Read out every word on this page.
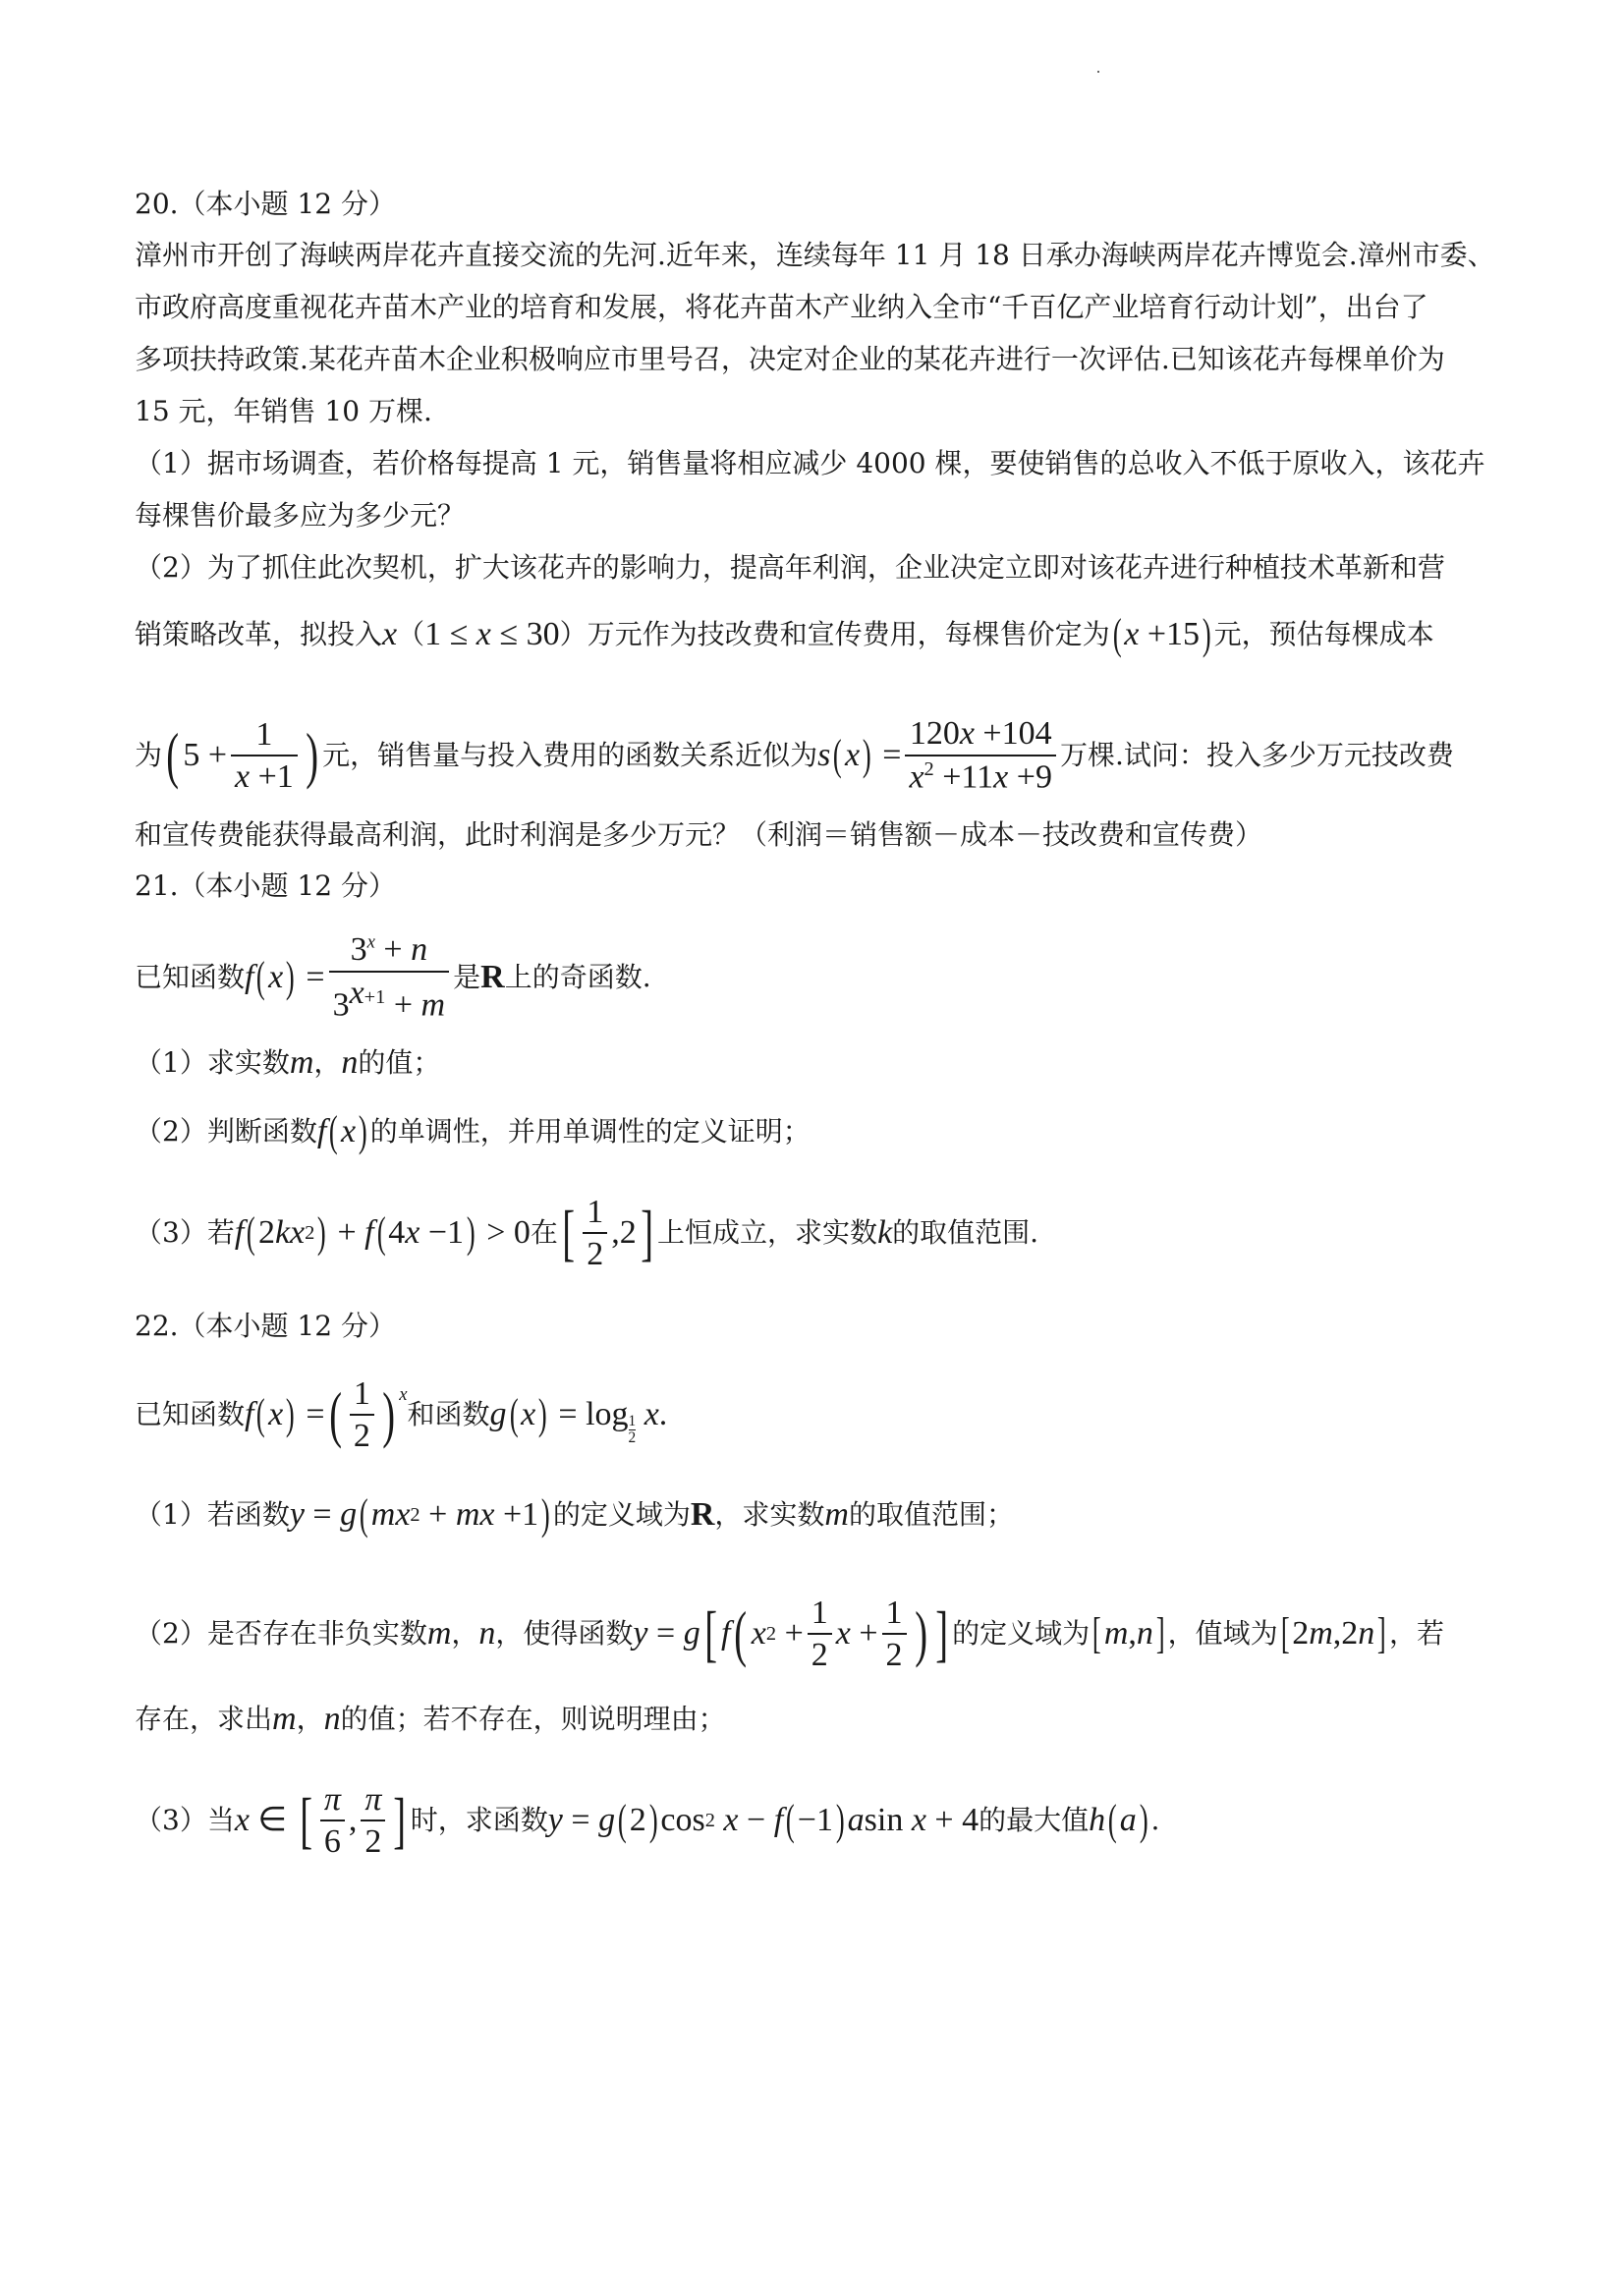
20.（本小题 12 分）
漳州市开创了海峡两岸花卉直接交流的先河.近年来，连续每年 11 月 18 日承办海峡两岸花卉博览会.漳州市委、
市政府高度重视花卉苗木产业的培育和发展，将花卉苗木产业纳入全市“千百亿产业培育行动计划”，出台了
多项扶持政策.某花卉苗木企业积极响应市里号召，决定对企业的某花卉进行一次评估.已知该花卉每棵单价为
15 元，年销售 10 万棵.
（1）据市场调查，若价格每提高 1 元，销售量将相应减少 4000 棵，要使销售的总收入不低于原收入，该花卉
每棵售价最多应为多少元？
（2）为了抓住此次契机，扩大该花卉的影响力，提高年利润，企业决定立即对该花卉进行种植技术革新和营
销策略改革，拟投入 x （ 1 ≤ x ≤ 30 ）万元作为技改费和宣传费用，每棵售价定为 ( x +15 ) 元，预估每棵成本
为 ( $5 + \frac{1}{x +1}$ ) 元，销售量与投入费用的函数关系近似为 s ( x ) = $\frac{120x +104}{x^2 +11x +9}$ 万棵.试问：投入多少万元技改费
和宣传费能获得最高利润，此时利润是多少万元？（利润＝销售额－成本－技改费和宣传费）
21.（本小题 12 分）
已知函数 f ( x ) = $\frac{3^x + n}{3^{x+1} + m}$ 是 R 上的奇函数.
（1）求实数 m ， n 的值；
（2）判断函数 f ( x ) 的单调性，并用单调性的定义证明；
（3）若 f ( 2 kx 2 ) + f ( 4 x −1 ) > 0 在 [ $\frac{1}{2} ,2$ ] 上恒成立，求实数 k 的取值范围.
22.（本小题 12 分）
已知函数 f ( x ) = ( $\frac{1}{2} )^x$
和函数 g ( x ) = log $_{1 2}$

x .
（1）若函数 y = g ( mx 2 + mx +1 ) 的定义域为 R ，求实数 m 的取值范围；
（2）是否存在非负实数 m ， n ，使得函数 y = g [ f ( x $2 + \frac{1}{2}$ $x + \frac{1}{2}$ ) ] 的定义域为 [ m , n ] ，值域为 [ 2 m ,2 n ] ，若
存在，求出 m ， n 的值；若不存在，则说明理由；
（3）当 x ∈ [ $\frac{\pi}{6}$ , $\frac{\pi}{2}$ ] 时，求函数 y = g ( 2 ) cos 2
x − f ( −1 ) a sin x + 4 的最大值 h ( a ) .
